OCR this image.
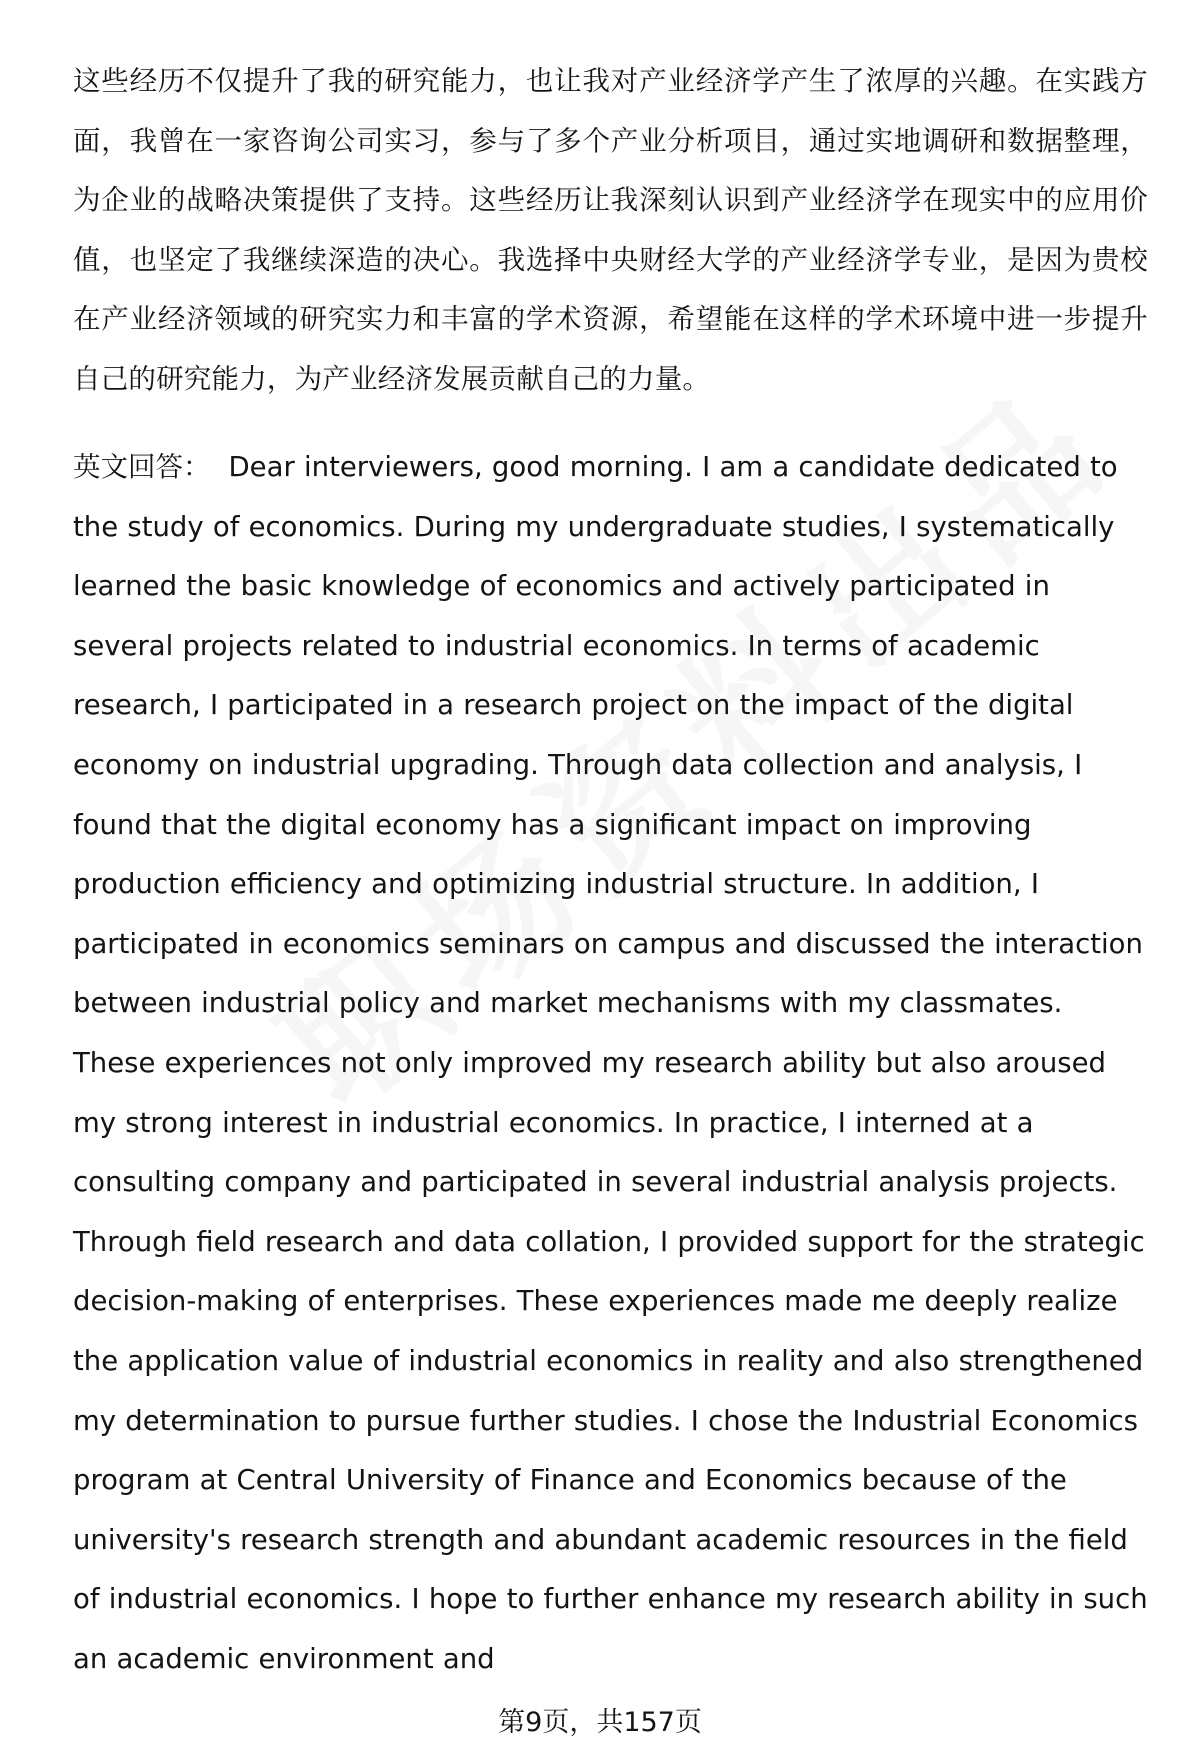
这些经历不仅提升了我的研究能力，也让我对产业经济学产生了浓厚的兴趣。在实践方面，我曾在一家咨询公司实习，参与了多个产业分析项目，通过实地调研和数据整理，为企业的战略决策提供了支持。这些经历让我深刻认识到产业经济学在现实中的应用价值，也坚定了我继续深造的决心。我选择中央财经大学的产业经济学专业，是因为贵校在产业经济领域的研究实力和丰富的学术资源，希望能在这样的学术环境中进一步提升自己的研究能力，为产业经济发展贡献自己的力量。

英文回答： Dear interviewers, good morning. I am a candidate dedicated to the study of economics. During my undergraduate studies, I systematically learned the basic knowledge of economics and actively participated in several projects related to industrial economics. In terms of academic research, I participated in a research project on the impact of the digital economy on industrial upgrading. Through data collection and analysis, I found that the digital economy has a significant impact on improving production efficiency and optimizing industrial structure. In addition, I participated in economics seminars on campus and discussed the interaction between industrial policy and market mechanisms with my classmates. These experiences not only improved my research ability but also aroused my strong interest in industrial economics. In practice, I interned at a consulting company and participated in several industrial analysis projects. Through field research and data collation, I provided support for the strategic decision-making of enterprises. These experiences made me deeply realize the application value of industrial economics in reality and also strengthened my determination to pursue further studies. I chose the Industrial Economics program at Central University of Finance and Economics because of the university's research strength and abundant academic resources in the field of industrial economics. I hope to further enhance my research ability in such an academic environment and

第9页，共157页
